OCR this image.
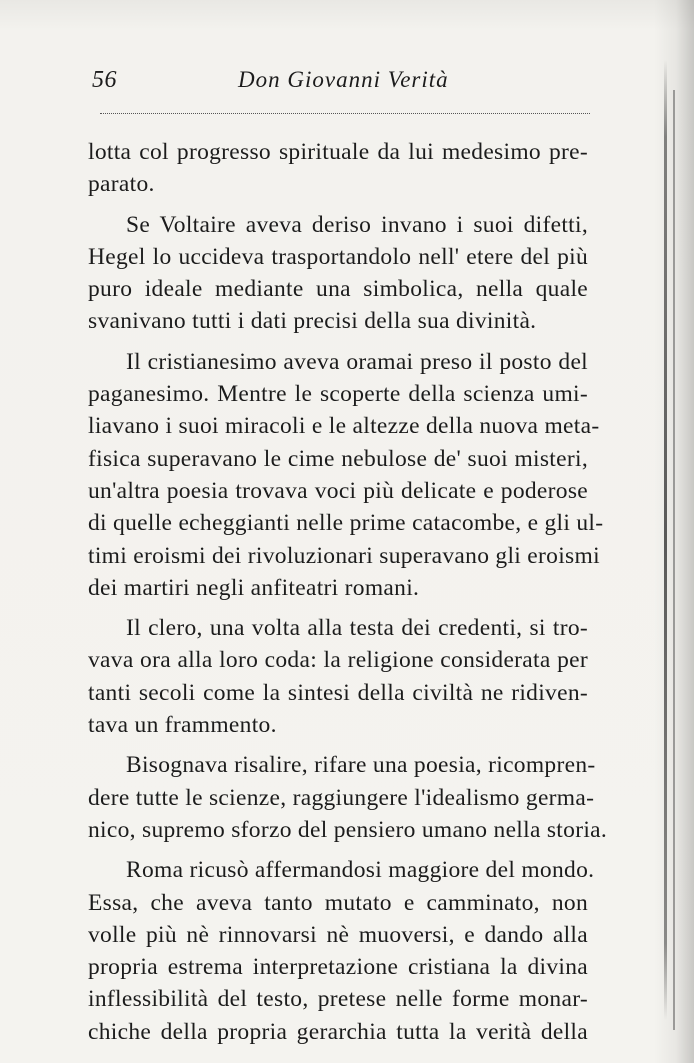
56	Don Giovanni Verità
lotta col progresso spirituale da lui medesimo pre-
parato.
Se Voltaire aveva deriso invano i suoi difetti,
Hegel lo uccideva trasportandolo nell' etere del più
puro ideale mediante una simbolica, nella quale
svanivano tutti i dati precisi della sua divinità.
Il cristianesimo aveva oramai preso il posto del
paganesimo. Mentre le scoperte della scienza umi-
liavano i suoi miracoli e le altezze della nuova meta-
fisica superavano le cime nebulose de' suoi misteri,
un'altra poesia trovava voci più delicate e poderose
di quelle echeggianti nelle prime catacombe, e gli ul-
timi eroismi dei rivoluzionari superavano gli eroismi
dei martiri negli anfiteatri romani.
Il clero, una volta alla testa dei credenti, si tro-
vava ora alla loro coda: la religione considerata per
tanti secoli come la sintesi della civiltà ne ridiven-
tava un frammento.
Bisognava risalire, rifare una poesia, ricompren-
dere tutte le scienze, raggiungere l'idealismo germa-
nico, supremo sforzo del pensiero umano nella storia.
Roma ricusò affermandosi maggiore del mondo.
Essa, che aveva tanto mutato e camminato, non
volle più nè rinnovarsi nè muoversi, e dando alla
propria estrema interpretazione cristiana la divina
inflessibilità del testo, pretese nelle forme monar-
chiche della propria gerarchia tutta la verità della
